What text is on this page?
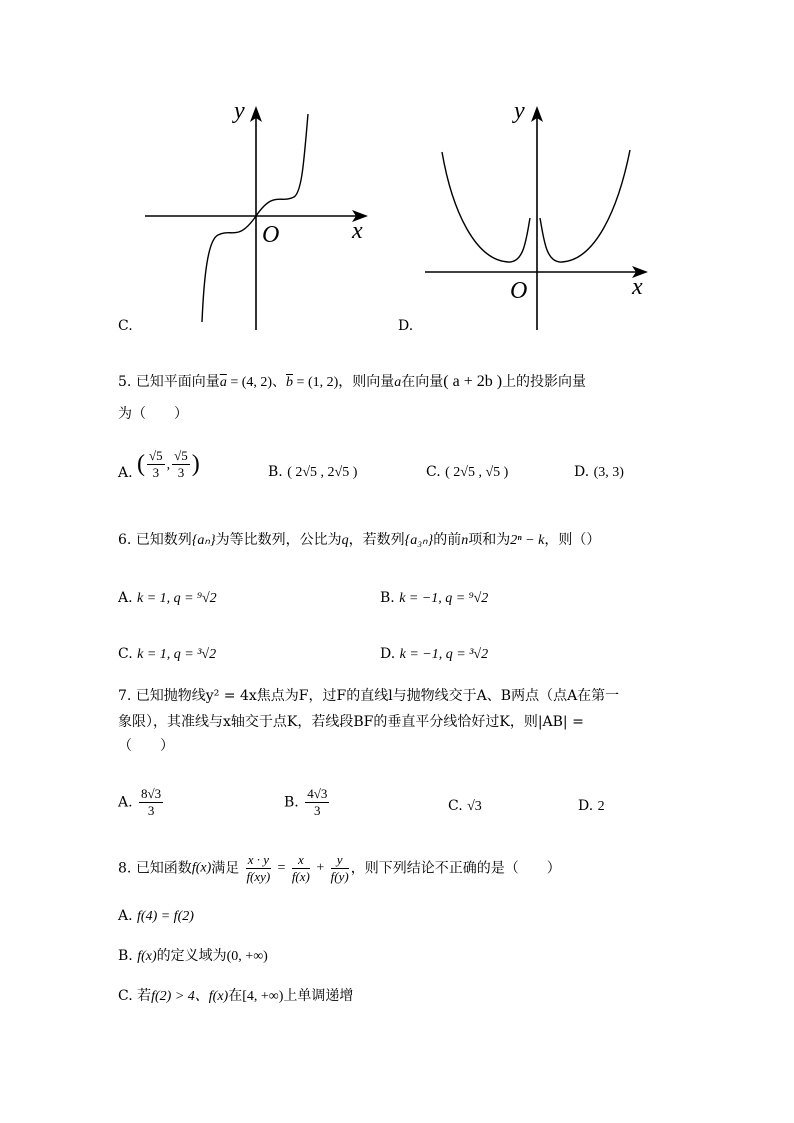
y
x
O
C.
y
x
O
D.
5. 已知平面向量$\overline{a} = (4$, 2)、$\overline{b} = (1$, 2)，则向量a在向量( a + 2b )上的投影向量
为（　　）
A. ( $\frac{√5}{3}$ , $\frac{√5}{3}$ )	B. ( 2√5 , 2√5 )	C. ( 2√5 , √5 )	D. (3, 3)
6. 已知数列{aₙ}为等比数列，公比为q，若数列{a₃ₙ}的前n项和为2ⁿ − k，则（）
A. k = 1, q = ⁹√2	B. k = −1, q = ⁹√2
C. k = 1, q = ³√2	D. k = −1, q = ³√2
7. 已知抛物线y² = 4x焦点为F，过F的直线l与抛物线交于A、B两点（点A在第一
象限），其准线与x轴交于点K，若线段BF的垂直平分线恰好过K，则|AB| =
（　　）
A. $\frac{8√3}{3}$	B. $\frac{4√3}{3}$	C. √3	D. 2
8. 已知函数f(x)满足 $\frac{x \cdot y}{f(xy)} = \frac{x}{f(x)} + \frac{y}{f(y)}$ ，则下列结论不正确的是（　　）
A. f(4) = f(2)
B. f(x)的定义域为(0, +∞)
C. 若f(2) > 4、f(x)在[4, +∞)上单调递增
